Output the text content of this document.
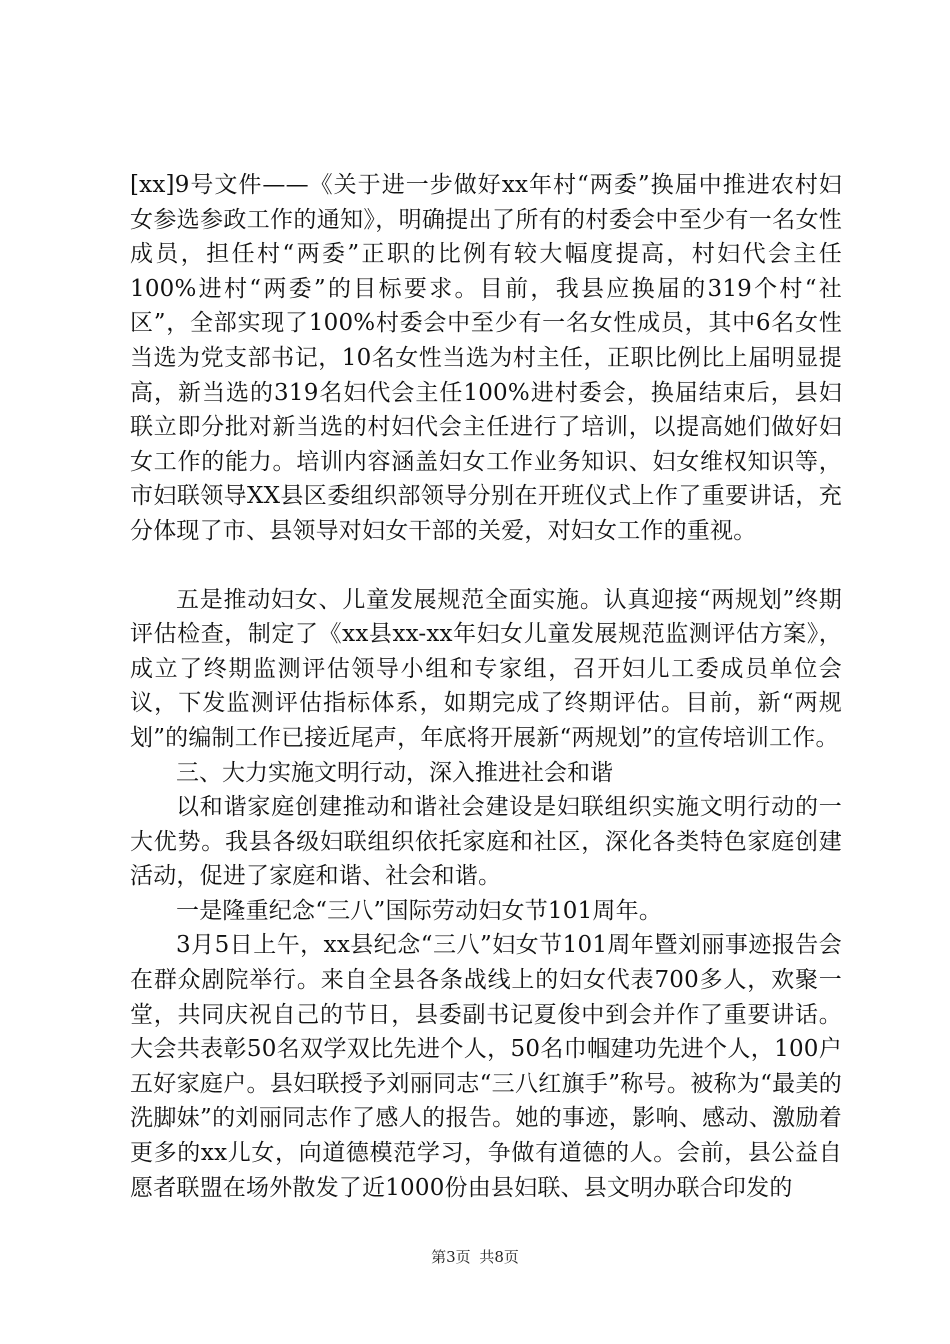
[xx]9号文件——《关于进一步做好xx年村“两委”换届中推进农村妇女参选参政工作的通知》，明确提出了所有的村委会中至少有一名女性成员，担任村“两委”正职的比例有较大幅度提高，村妇代会主任100%进村“两委”的目标要求。目前，我县应换届的319个村“社区”，全部实现了100%村委会中至少有一名女性成员，其中6名女性当选为党支部书记，10名女性当选为村主任，正职比例比上届明显提高，新当选的319名妇代会主任100%进村委会，换届结束后，县妇联立即分批对新当选的村妇代会主任进行了培训，以提高她们做好妇女工作的能力。培训内容涵盖妇女工作业务知识、妇女维权知识等，市妇联领导XX县区委组织部领导分别在开班仪式上作了重要讲话，充分体现了市、县领导对妇女干部的关爱，对妇女工作的重视。

五是推动妇女、儿童发展规范全面实施。认真迎接“两规划”终期评估检查，制定了《xx县xx-xx年妇女儿童发展规范监测评估方案》，成立了终期监测评估领导小组和专家组，召开妇儿工委成员单位会议，下发监测评估指标体系，如期完成了终期评估。目前，新“两规划”的编制工作已接近尾声，年底将开展新“两规划”的宣传培训工作。

三、大力实施文明行动，深入推进社会和谐

以和谐家庭创建推动和谐社会建设是妇联组织实施文明行动的一大优势。我县各级妇联组织依托家庭和社区，深化各类特色家庭创建活动，促进了家庭和谐、社会和谐。

一是隆重纪念“三八”国际劳动妇女节101周年。

3月5日上午，xx县纪念“三八”妇女节101周年暨刘丽事迹报告会在群众剧院举行。来自全县各条战线上的妇女代表700多人，欢聚一堂，共同庆祝自己的节日，县委副书记夏俊中到会并作了重要讲话。大会共表彰50名双学双比先进个人，50名巾帼建功先进个人，100户五好家庭户。县妇联授予刘丽同志“三八红旗手”称号。被称为“最美的洗脚妹”的刘丽同志作了感人的报告。她的事迹，影响、感动、激励着更多的xx儿女，向道德模范学习，争做有道德的人。会前，县公益自愿者联盟在场外散发了近1000份由县妇联、县文明办联合印发的

第3页 共8页
